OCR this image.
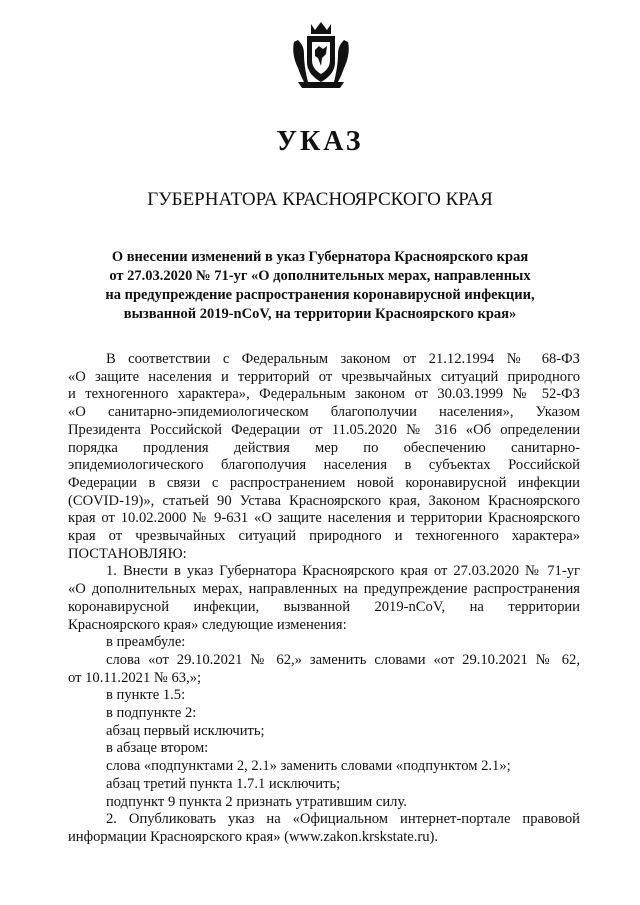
УКАЗ
ГУБЕРНАТОРА КРАСНОЯРСКОГО КРАЯ
О внесении изменений в указ Губернатора Красноярского края
от 27.03.2020 № 71-уг «О дополнительных мерах, направленных
на предупреждение распространения коронавирусной инфекции,
вызванной 2019-nCoV, на территории Красноярского края»

В соответствии с Федеральным законом от 21.12.1994 № 68-ФЗ

«О защите населения и территорий от чрезвычайных ситуаций природного

и техногенного характера», Федеральным законом от 30.03.1999 № 52-ФЗ

«О санитарно-эпидемиологическом благополучии населения», Указом

Президента Российской Федерации от 11.05.2020 № 316 «Об определении

порядка продления действия мер по обеспечению санитарно-

эпидемиологического благополучия населения в субъектах Российской

Федерации в связи с распространением новой коронавирусной инфекции

(COVID-19)», статьей 90 Устава Красноярского края, Законом Красноярского

края от 10.02.2000 № 9-631 «О защите населения и территории Красноярского

края от чрезвычайных ситуаций природного и техногенного характера»

ПОСТАНОВЛЯЮ:

1. Внести в указ Губернатора Красноярского края от 27.03.2020 № 71-уг

«О дополнительных мерах, направленных на предупреждение распространения

коронавирусной инфекции, вызванной 2019-nCoV, на территории

Красноярского края» следующие изменения:

в преамбуле:

слова «от 29.10.2021 № 62,» заменить словами «от 29.10.2021 № 62,

от 10.11.2021 № 63,»;

в пункте 1.5:

в подпункте 2:

абзац первый исключить;

в абзаце втором:

слова «подпунктами 2, 2.1» заменить словами «подпунктом 2.1»;

абзац третий пункта 1.7.1 исключить;

подпункт 9 пункта 2 признать утратившим силу.

2. Опубликовать указ на «Официальном интернет-портале правовой

информации Красноярского края» (www.zakon.krskstate.ru).
